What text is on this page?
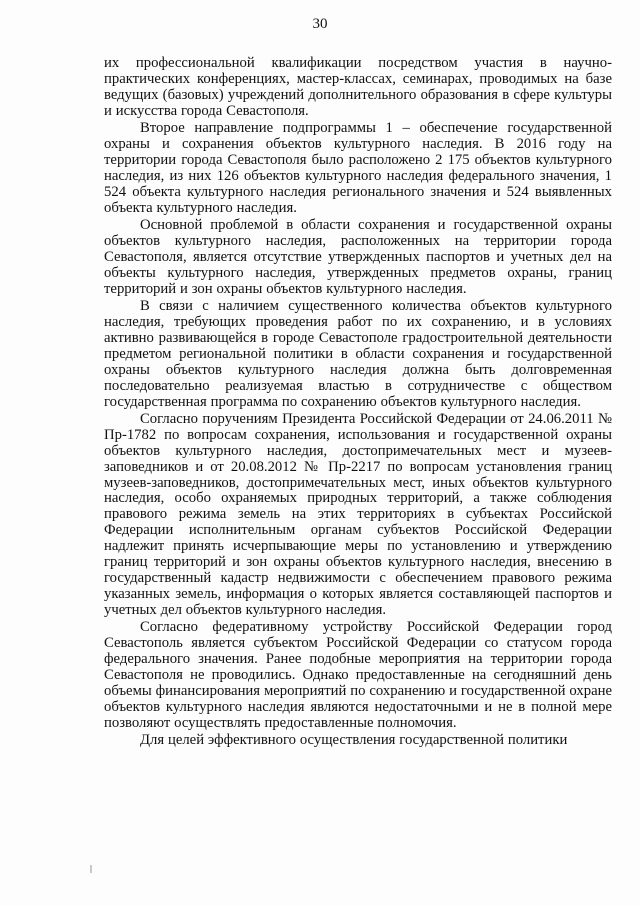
30

их профессиональной квалификации посредством участия в научно-практических конференциях, мастер-классах, семинарах, проводимых на базе ведущих (базовых) учреждений дополнительного образования в сфере культуры и искусства города Севастополя.

Второе направление подпрограммы 1 – обеспечение государственной охраны и сохранения объектов культурного наследия. В 2016 году на территории города Севастополя было расположено 2 175 объектов культурного наследия, из них 126 объектов культурного наследия федерального значения, 1 524 объекта культурного наследия регионального значения и 524 выявленных объекта культурного наследия.

Основной проблемой в области сохранения и государственной охраны объектов культурного наследия, расположенных на территории города Севастополя, является отсутствие утвержденных паспортов и учетных дел на объекты культурного наследия, утвержденных предметов охраны, границ территорий и зон охраны объектов культурного наследия.

В связи с наличием существенного количества объектов культурного наследия, требующих проведения работ по их сохранению, и в условиях активно развивающейся в городе Севастополе градостроительной деятельности предметом региональной политики в области сохранения и государственной охраны объектов культурного наследия должна быть долговременная последовательно реализуемая властью в сотрудничестве с обществом государственная программа по сохранению объектов культурного наследия.

Согласно поручениям Президента Российской Федерации от 24.06.2011 № Пр-1782 по вопросам сохранения, использования и государственной охраны объектов культурного наследия, достопримечательных мест и музеев-заповедников и от 20.08.2012 № Пр-2217 по вопросам установления границ музеев-заповедников, достопримечательных мест, иных объектов культурного наследия, особо охраняемых природных территорий, а также соблюдения правового режима земель на этих территориях в субъектах Российской Федерации исполнительным органам субъектов Российской Федерации надлежит принять исчерпывающие меры по установлению и утверждению границ территорий и зон охраны объектов культурного наследия, внесению в государственный кадастр недвижимости с обеспечением правового режима указанных земель, информация о которых является составляющей паспортов и учетных дел объектов культурного наследия.

Согласно федеративному устройству Российской Федерации город Севастополь является субъектом Российской Федерации со статусом города федерального значения. Ранее подобные мероприятия на территории города Севастополя не проводились. Однако предоставленные на сегодняшний день объемы финансирования мероприятий по сохранению и государственной охране объектов культурного наследия являются недостаточными и не в полной мере позволяют осуществлять предоставленные полномочия.

Для целей эффективного осуществления государственной политики
